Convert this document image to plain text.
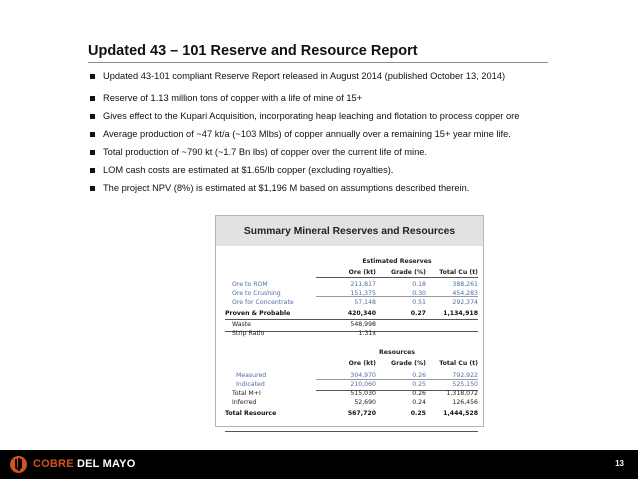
Updated 43 – 101 Reserve and Resource Report
Updated 43-101 compliant Reserve Report released in August 2014 (published October 13, 2014)
Reserve of 1.13 million tons of copper with a life of mine of 15+
Gives effect to the Kupari Acquisition, incorporating heap leaching and flotation to process copper ore
Average production of ~47 kt/a (~103 Mlbs) of copper annually over a remaining 15+ year mine life.
Total production of ~790 kt (~1.7 Bn lbs) of copper over the current life of mine.
LOM cash costs are estimated at $1.65/lb copper (excluding royalties).
The project NPV (8%) is estimated at $1,196 M based on assumptions described therein.
Summary Mineral Reserves and Resources
Estimated Reserves
Ore (kt)	Grade (%)	Total Cu (t)
Ore to ROM	211,817	0.18	388,261
Ore to Crushing	151,375	0.30	454,283
Ore for Concentrate	57,148	0.51	292,374
Proven & Probable	420,340	0.27	1,134,918
Waste	548,998
Strip Ratio	1.31x
Resources
Ore (kt)	Grade (%)	Total Cu (t)
Measured	304,970	0.26	792,922
Indicated	210,060	0.25	525,150
Total M+I	515,030	0.26	1,318,072
Inferred	52,690	0.24	126,456
Total Resource	567,720	0.25	1,444,528
COBRE DEL MAYO	13
